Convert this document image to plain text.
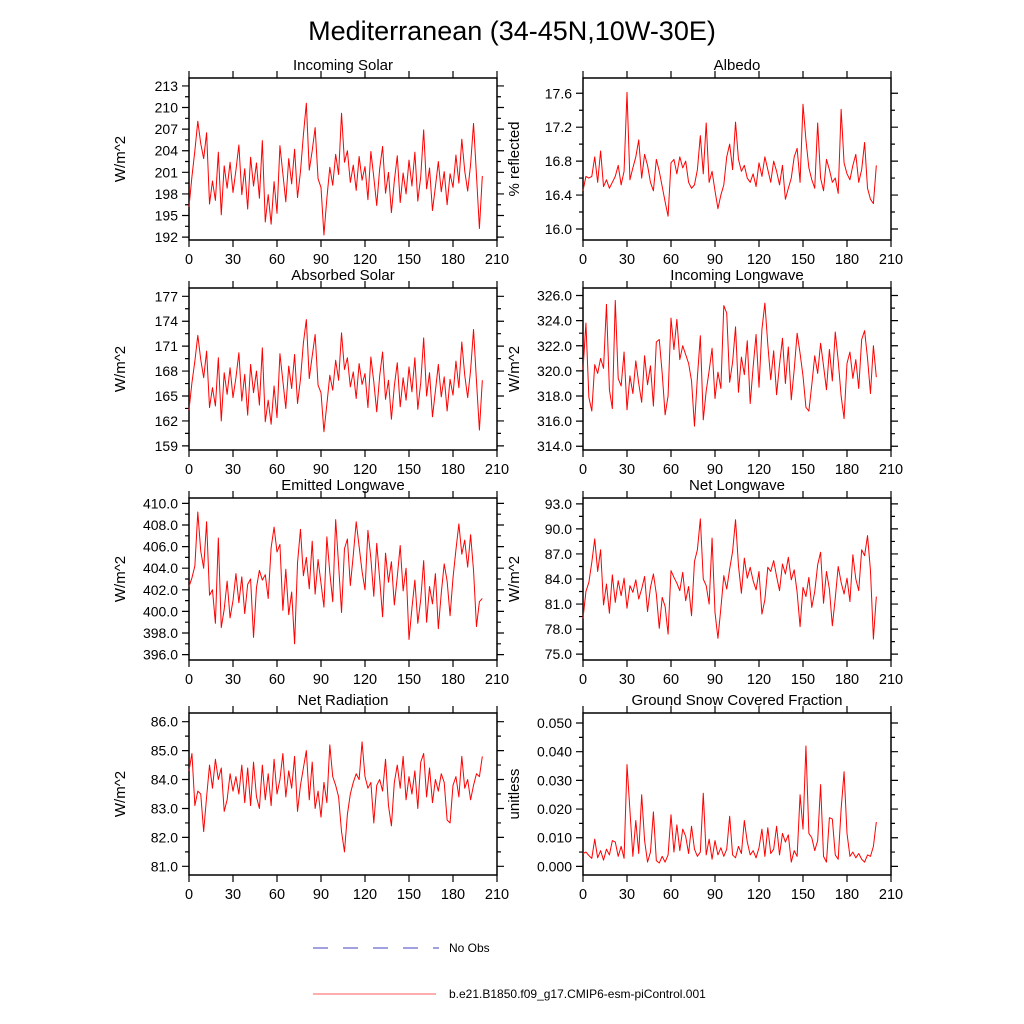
Mediterranean (34-45N,10W-30E)
Incoming Solar
W/m^2
192
195
198
201
204
207
210
213
0 30 60 90 120 150 180 210
Albedo
% reflected
16.0
16.4
16.8
17.2
17.6
0 30 60 90 120 150 180 210
Absorbed Solar
W/m^2
159
162
165
168
171
174
177
0 30 60 90 120 150 180 210
Incoming Longwave
W/m^2
314.0
316.0
318.0
320.0
322.0
324.0
326.0
0 30 60 90 120 150 180 210
Emitted Longwave
W/m^2
396.0
398.0
400.0
402.0
404.0
406.0
408.0
410.0
0 30 60 90 120 150 180 210
Net Longwave
W/m^2
75.0
78.0
81.0
84.0
87.0
90.0
93.0
0 30 60 90 120 150 180 210
Net Radiation
W/m^2
81.0
82.0
83.0
84.0
85.0
86.0
0 30 60 90 120 150 180 210
Ground Snow Covered Fraction
unitless
0.000
0.010
0.020
0.030
0.040
0.050
0 30 60 90 120 150 180 210
No Obs
b.e21.B1850.f09_g17.CMIP6-esm-piControl.001
